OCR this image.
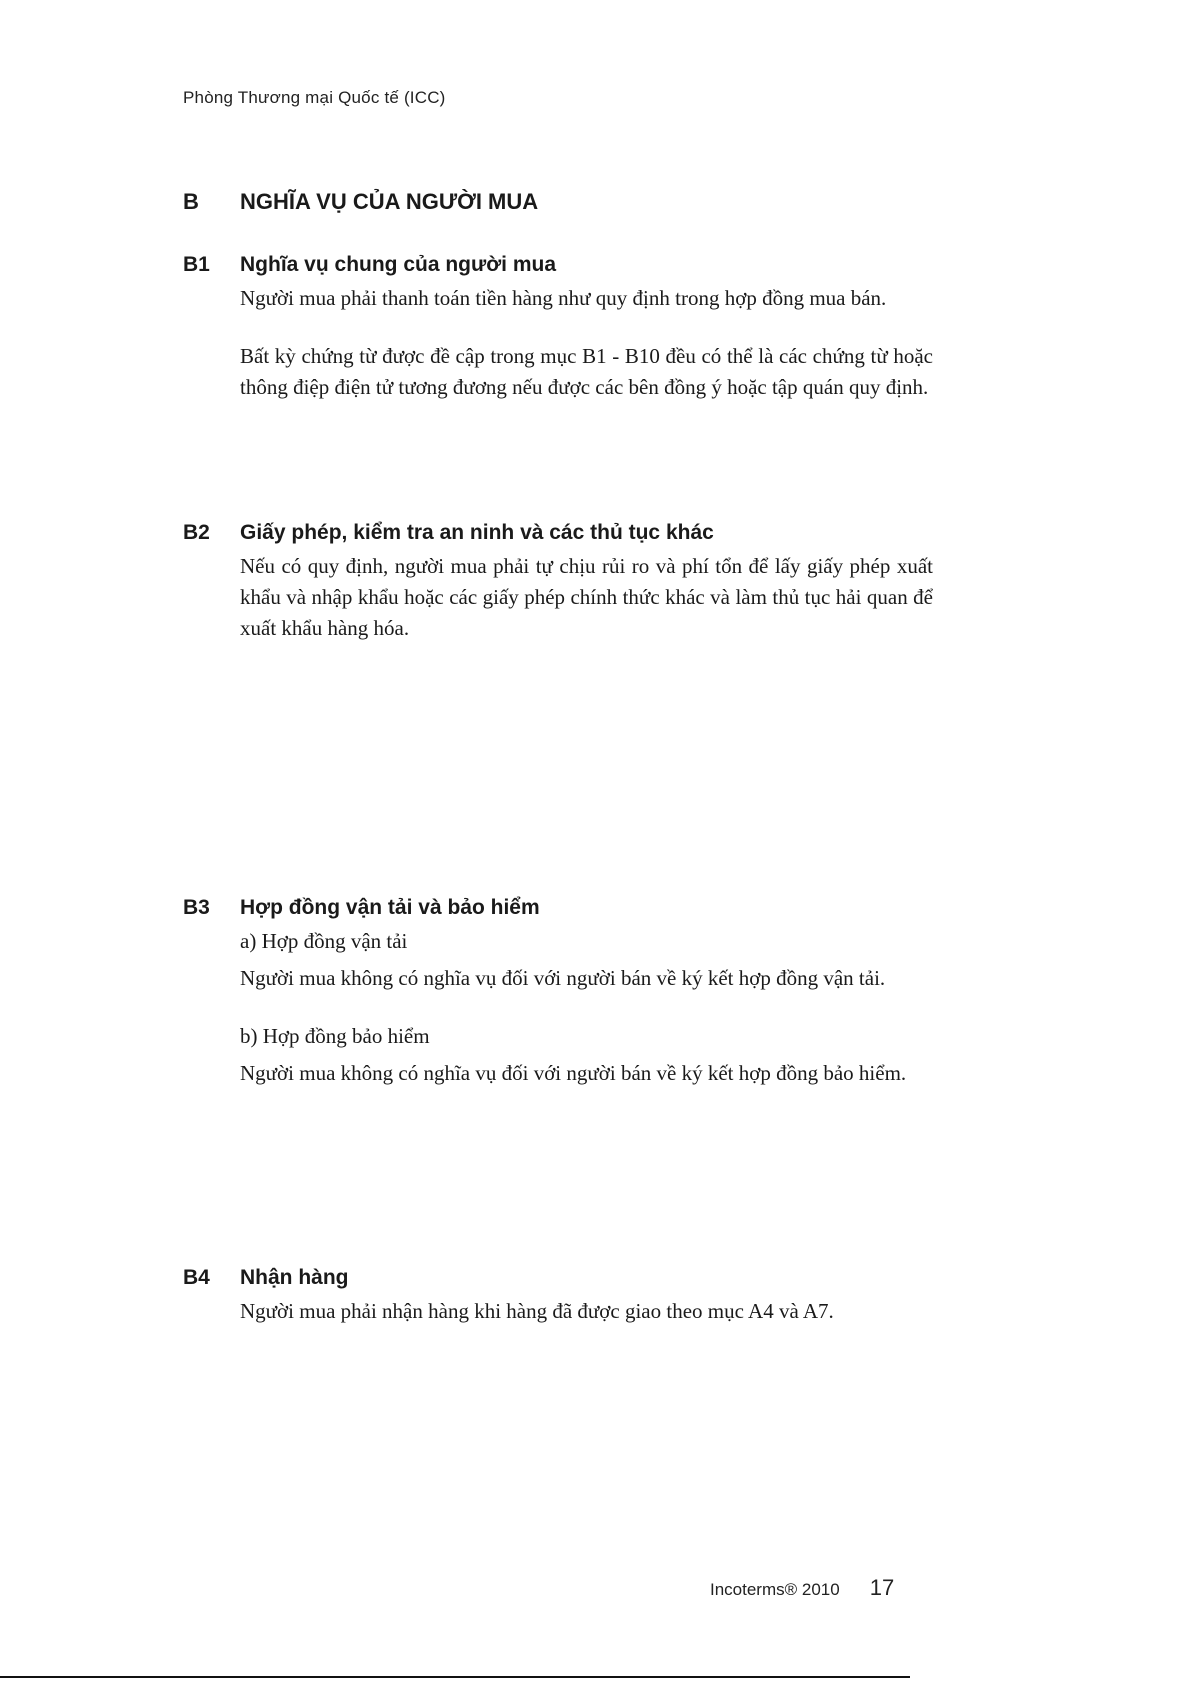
Phòng Thương mại Quốc tế (ICC)
B	NGHĨA VỤ CỦA NGƯỜI MUA
B1	Nghĩa vụ chung của người mua

Người mua phải thanh toán tiền hàng như quy định trong hợp đồng mua bán.

Bất kỳ chứng từ được đề cập trong mục B1 - B10 đều có thể là các chứng từ hoặc thông điệp điện tử tương đương nếu được các bên đồng ý hoặc tập quán quy định.

B2	Giấy phép, kiểm tra an ninh và các thủ tục khác

Nếu có quy định, người mua phải tự chịu rủi ro và phí tổn để lấy giấy phép xuất khẩu và nhập khẩu hoặc các giấy phép chính thức khác và làm thủ tục hải quan để xuất khẩu hàng hóa.

B3	Hợp đồng vận tải và bảo hiểm

a) Hợp đồng vận tải

Người mua không có nghĩa vụ đối với người bán về ký kết hợp đồng vận tải.

b) Hợp đồng bảo hiểm

Người mua không có nghĩa vụ đối với người bán về ký kết hợp đồng bảo hiểm.

B4	Nhận hàng

Người mua phải nhận hàng khi hàng đã được giao theo mục A4 và A7.

Incoterms® 2010 17
